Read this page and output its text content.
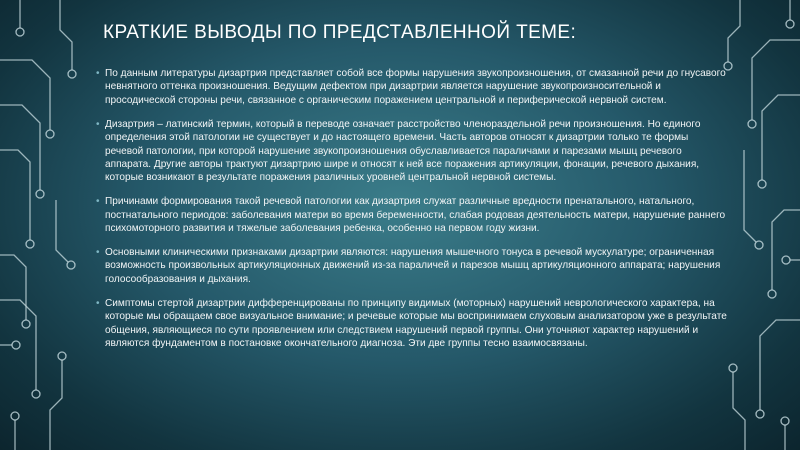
КРАТКИЕ ВЫВОДЫ ПО ПРЕДСТАВЛЕННОЙ ТЕМЕ:

• По данным литературы дизартрия представляет собой все формы нарушения звукопроизношения, от смазанной речи до гнусавого невнятного оттенка произношения. Ведущим дефектом при дизартрии является нарушение звукопроизносительной и просодической стороны речи, связанное с органическим поражением центральной и периферической нервной систем.

• Дизартрия – латинский термин, который в переводе означает расстройство членораздельной речи произношения. Но единого определения этой патологии не существует и до настоящего времени. Часть авторов относят к дизартрии только те формы речевой патологии, при которой нарушение звукопроизношения обуславливается параличами и парезами мышц речевого аппарата. Другие авторы трактуют дизартрию шире и относят к ней все поражения артикуляции, фонации, речевого дыхания, которые возникают в результате поражения различных уровней центральной нервной системы.

• Причинами формирования такой речевой патологии как дизартрия служат различные вредности пренатального, натального, постнатального периодов: заболевания матери во время беременности, слабая родовая деятельность матери, нарушение раннего психомоторного развития и тяжелые заболевания ребенка, особенно на первом году жизни.

• Основными клиническими признаками дизартрии являются: нарушения мышечного тонуса в речевой мускулатуре; ограниченная возможность произвольных артикуляционных движений из-за параличей и парезов мышц артикуляционного аппарата; нарушения голосообразования и дыхания.

• Симптомы стертой дизартрии дифференцированы по принципу видимых (моторных) нарушений неврологического характера, на которые мы обращаем свое визуальное внимание; и речевые которые мы воспринимаем слуховым анализатором уже в результате общения, являющиеся по сути проявлением или следствием нарушений первой группы. Они уточняют характер нарушений и являются фундаментом в постановке окончательного диагноза. Эти две группы тесно взаимосвязаны.
